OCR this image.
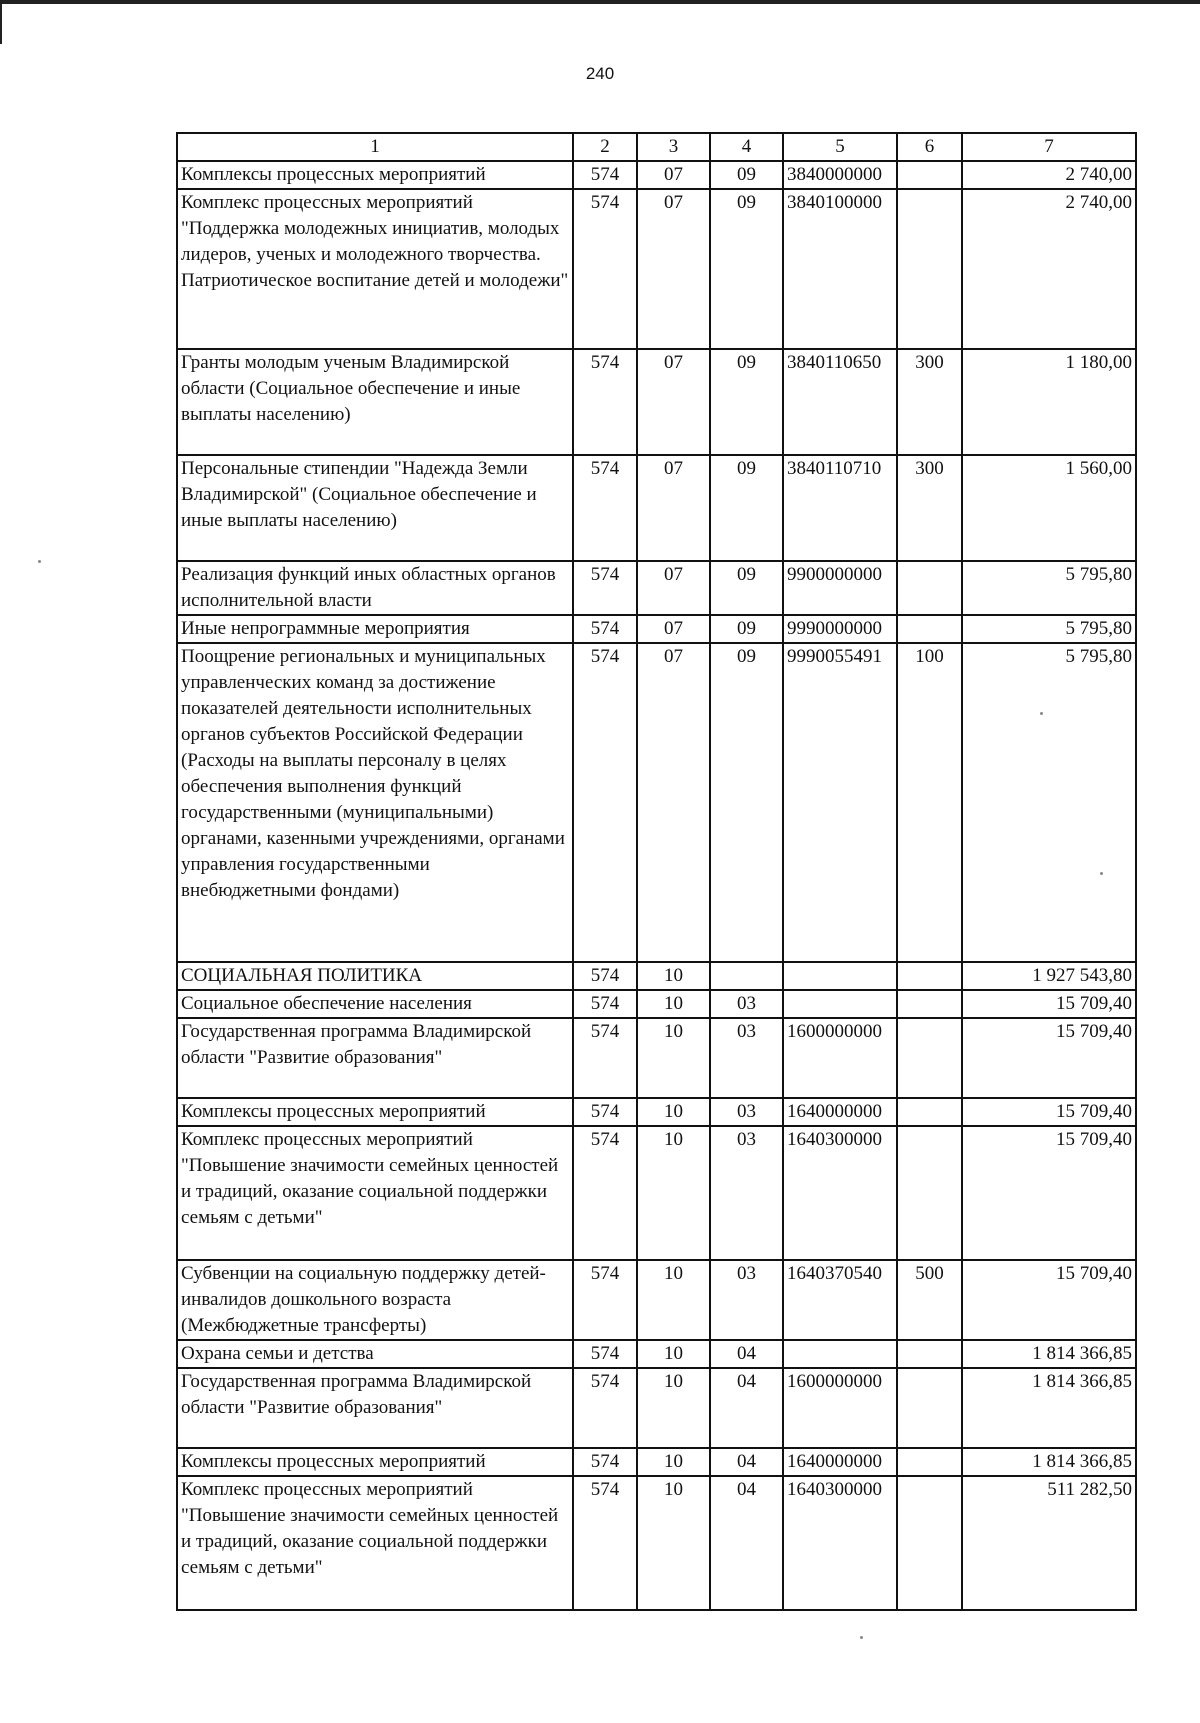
240
1	2	3	4	5	6	7
Комплексы процессных мероприятий	574	07	09	3840000000		2 740,00
Комплекс процессных мероприятий "Поддержка молодежных инициатив, молодых лидеров, ученых и молодежного творчества. Патриотическое воспитание детей и молодежи"	574	07	09	3840100000		2 740,00
Гранты молодым ученым Владимирской области (Социальное обеспечение и иные выплаты населению)	574	07	09	3840110650	300	1 180,00
Персональные стипендии "Надежда Земли Владимирской" (Социальное обеспечение и иные выплаты населению)	574	07	09	3840110710	300	1 560,00
Реализация функций иных областных органов исполнительной власти	574	07	09	9900000000		5 795,80
Иные непрограммные мероприятия	574	07	09	9990000000		5 795,80
Поощрение региональных и муниципальных управленческих команд за достижение показателей деятельности исполнительных органов субъектов Российской Федерации (Расходы на выплаты персоналу в целях обеспечения выполнения функций государственными (муниципальными) органами, казенными учреждениями, органами управления государственными внебюджетными фондами)	574	07	09	9990055491	100	5 795,80
СОЦИАЛЬНАЯ ПОЛИТИКА	574	10				1 927 543,80
Социальное обеспечение населения	574	10	03			15 709,40
Государственная программа Владимирской области "Развитие образования"	574	10	03	1600000000		15 709,40
Комплексы процессных мероприятий	574	10	03	1640000000		15 709,40
Комплекс процессных мероприятий "Повышение значимости семейных ценностей и традиций, оказание социальной поддержки семьям с детьми"	574	10	03	1640300000		15 709,40
Субвенции на социальную поддержку детей-инвалидов дошкольного возраста (Межбюджетные трансферты)	574	10	03	1640370540	500	15 709,40
Охрана семьи и детства	574	10	04			1 814 366,85
Государственная программа Владимирской области "Развитие образования"	574	10	04	1600000000		1 814 366,85
Комплексы процессных мероприятий	574	10	04	1640000000		1 814 366,85
Комплекс процессных мероприятий "Повышение значимости семейных ценностей и традиций, оказание социальной поддержки семьям с детьми"	574	10	04	1640300000		511 282,50
